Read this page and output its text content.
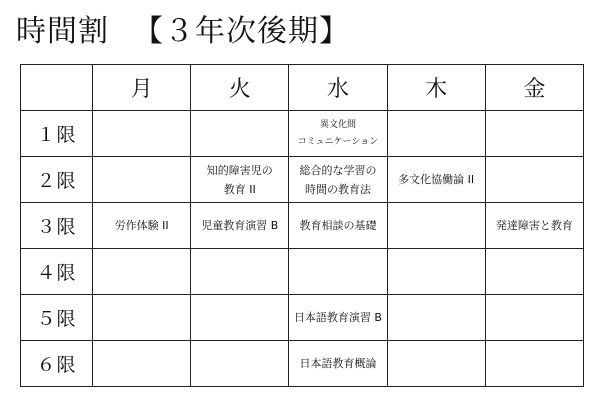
時間割 【３年次後期】
	月	火	水	木	金
１限			異文化間
コミュニケーション		
２限		知的障害児の
教育 II	総合的な学習の
時間の教育法	多文化協働論 II	
３限	労作体験 II	児童教育演習 B	教育相談の基礎		発達障害と教育
４限					
５限			日本語教育演習 B		
６限			日本語教育概論		
